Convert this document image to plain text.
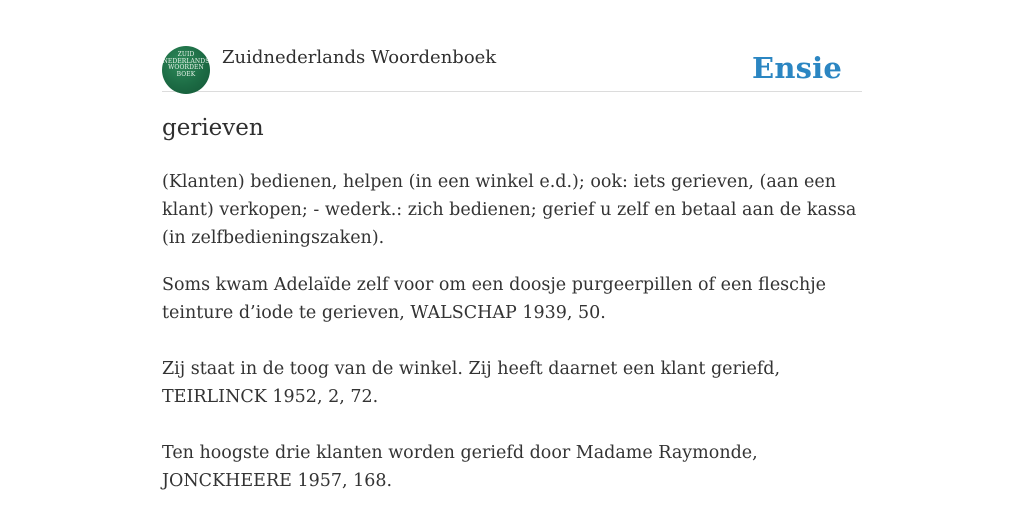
ZUID NEDERLANDS WOORDEN BOEK
Zuidnederlands Woordenboek	Ensie
gerieven

(Klanten) bedienen, helpen (in een winkel e.d.); ook: iets gerieven, (aan een klant) verkopen; - wederk.: zich bedienen; gerief u zelf en betaal aan de kassa (in zelfbedieningszaken).

Soms kwam Adelaïde zelf voor om een doosje purgeerpillen of een fleschje teinture d’iode te gerieven, WALSCHAP 1939, 50.

Zij staat in de toog van de winkel. Zij heeft daarnet een klant geriefd, TEIRLINCK 1952, 2, 72.

Ten hoogste drie klanten worden geriefd door Madame Raymonde, JONCKHEERE 1957, 168.
